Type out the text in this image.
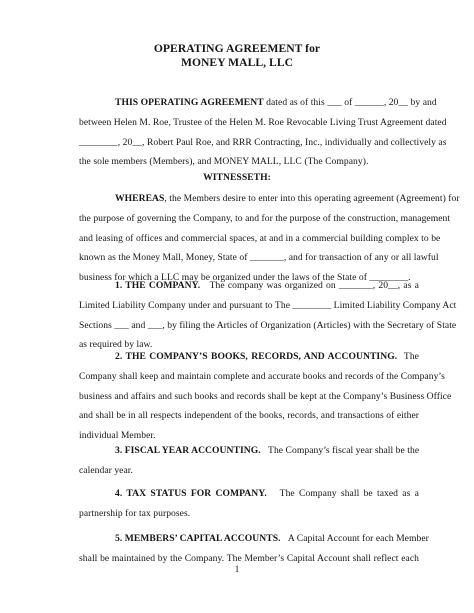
OPERATING AGREEMENT for

MONEY MALL, LLC

THIS OPERATING AGREEMENT dated as of this ___ of ______, 20__ by and
between Helen M. Roe, Trustee of the Helen M. Roe Revocable Living Trust Agreement dated
________, 20__, Robert Paul Roe, and RRR Contracting, Inc., individually and collectively as
the sole members (Members), and MONEY MALL, LLC (The Company).

WITNESSETH:

WHEREAS, the Members desire to enter into this operating agreement (Agreement) for
the purpose of governing the Company, to and for the purpose of the construction, management
and leasing of offices and commercial spaces, at and in a commercial building complex to be
known as the Money Mall, Money, State of _______, and for transaction of any or all lawful
business for which a LLC may be organized under the laws of the State of ________.
1. THE COMPANY. The company was organized on _______, 20__, as a
Limited Liability Company under and pursuant to The ________ Limited Liability Company Act
Sections ___ and ___, by filing the Articles of Organization (Articles) with the Secretary of State
as required by law.
2. THE COMPANY’S BOOKS, RECORDS, AND ACCOUNTING. The
Company shall keep and maintain complete and accurate books and records of the Company’s
business and affairs and such books and records shall be kept at the Company’s Business Office
and shall be in all respects independent of the books, records, and transactions of either
individual Member.
3. FISCAL YEAR ACCOUNTING. The Company’s fiscal year shall be the
calendar year.
4. TAX STATUS FOR COMPANY. The Company shall be taxed as a
partnership for tax purposes.
5. MEMBERS’ CAPITAL ACCOUNTS. A Capital Account for each Member
shall be maintained by the Company. The Member’s Capital Account shall reflect each

1
